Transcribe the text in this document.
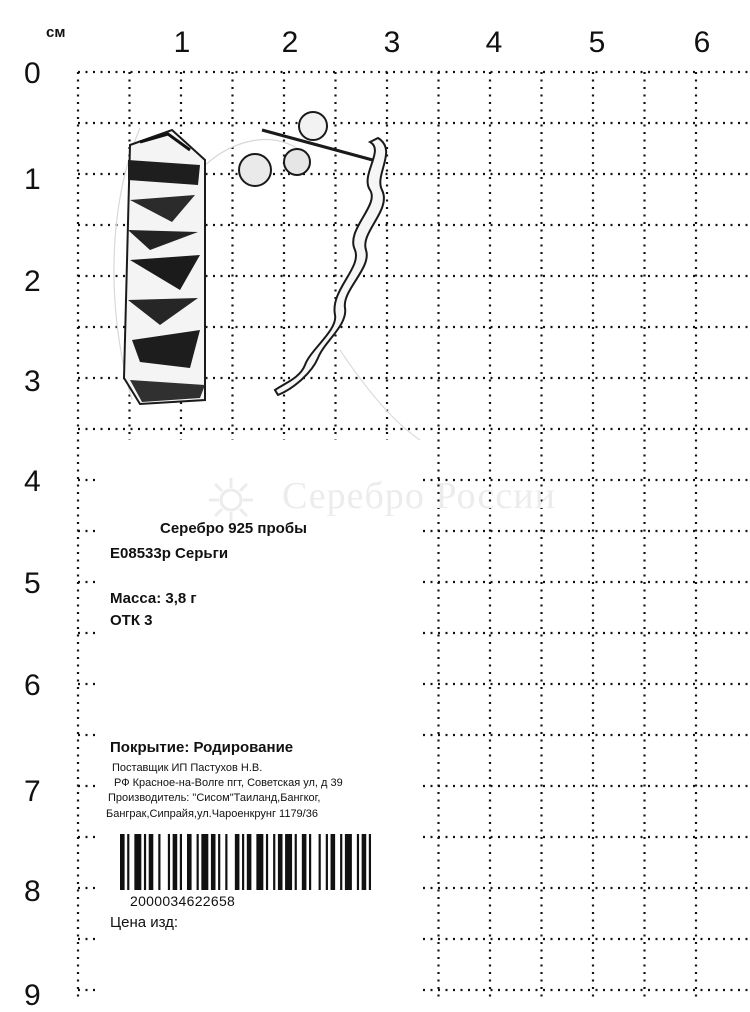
см	1	2	3	4	5	6
0
1
2
3
4
5
6
7
8
9
Серебро России
Серебро 925 пробы
E08533р Серьги
Масса: 3,8 г
ОТК 3
Покрытие: Родирование
Поставщик ИП Пастухов Н.В.
РФ Красное-на-Волге пгт, Советская ул, д 39
Производитель: "Сисом"Таиланд,Бангког,
Банграк,Сипрайя,ул.Чароенкрунг 1179/36
2000034622658
Цена изд:
